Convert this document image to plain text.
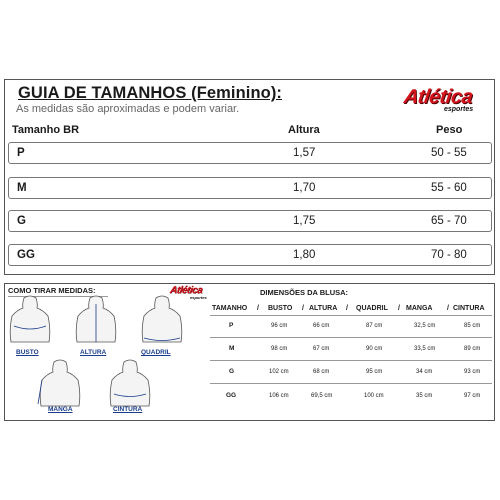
GUIA DE TAMANHOS (Feminino):
As medidas são aproximadas e podem variar.
Atlética
esportes
Tamanho BR	Altura	Peso
P	1,57	50 - 55
M	1,70	55 - 60
G	1,75	65 - 70
GG	1,80	70 - 80
COMO TIRAR MEDIDAS:	Atlética
esportes
BUSTO	ALTURA	QUADRIL
MANGA	CINTURA
DIMENSÕES DA BLUSA:
TAMANHO / BUSTO / ALTURA / QUADRIL / MANGA / CINTURA
P	96 cm	66 cm	87 cm	32,5 cm	85 cm
M	98 cm	67 cm	90 cm	33,5 cm	89 cm
G	102 cm	68 cm	95 cm	34 cm	93 cm
GG	106 cm	69,5 cm	100 cm	35 cm	97 cm
